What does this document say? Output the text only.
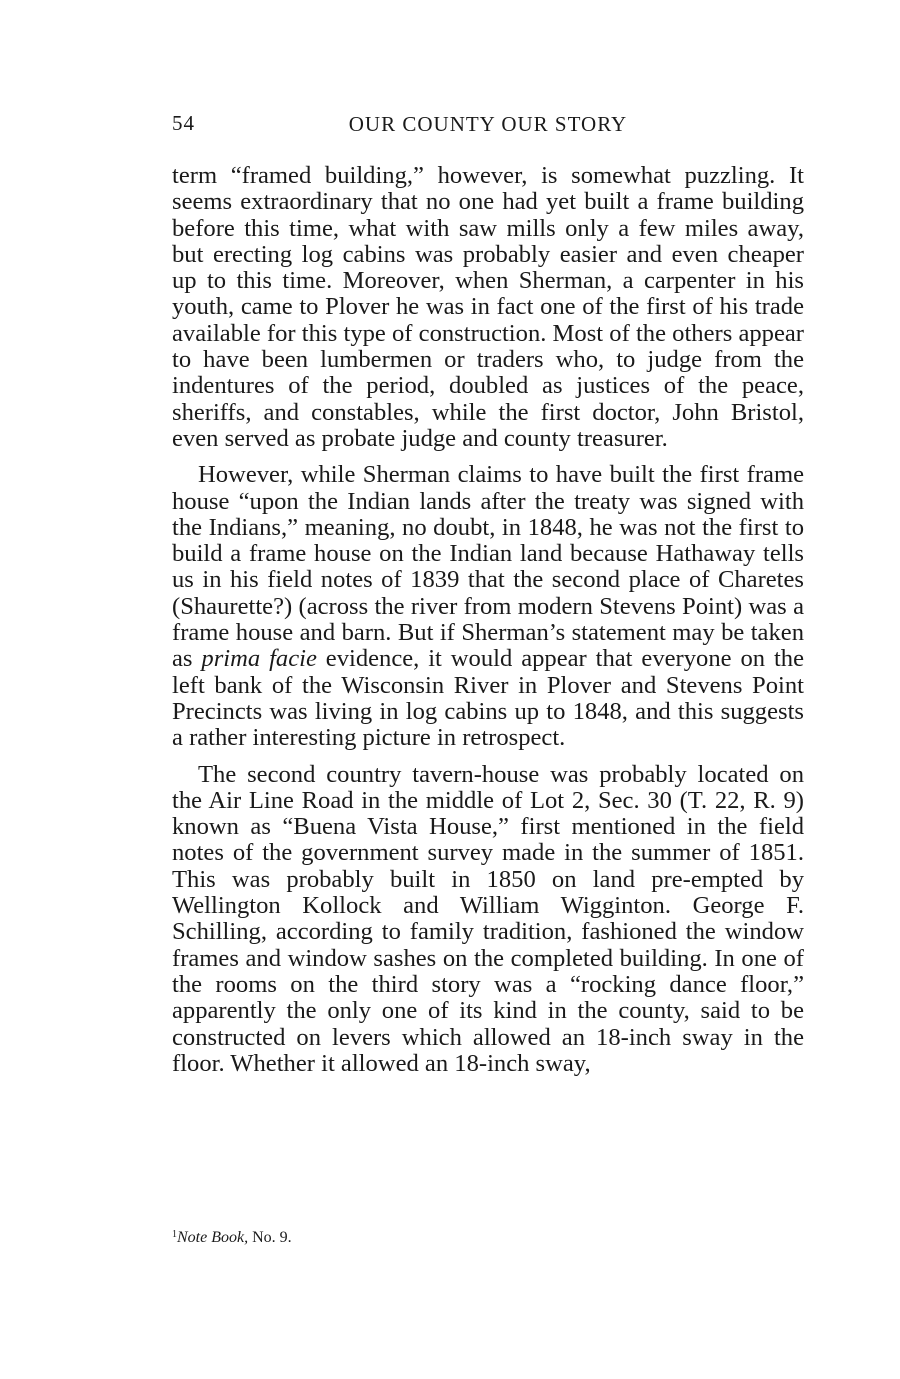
54	OUR COUNTY OUR STORY

term “framed building,” however, is somewhat puzzling. It seems extraordinary that no one had yet built a frame building before this time, what with saw mills only a few miles away, but erecting log cabins was probably easier and even cheaper up to this time. Moreover, when Sherman, a carpenter in his youth, came to Plover he was in fact one of the first of his trade available for this type of construction. Most of the others appear to have been lumbermen or traders who, to judge from the indentures of the period, doubled as justices of the peace, sheriffs, and constables, while the first doctor, John Bristol, even served as probate judge and county treasurer.

However, while Sherman claims to have built the first frame house “upon the Indian lands after the treaty was signed with the Indians,” meaning, no doubt, in 1848, he was not the first to build a frame house on the Indian land because Hathaway tells us in his field notes of 1839 that the second place of Charetes (Shaurette?) (across the river from modern Stevens Point) was a frame house and barn. But if Sherman’s statement may be taken as prima facie evidence, it would appear that everyone on the left bank of the Wisconsin River in Plover and Stevens Point Precincts was living in log cabins up to 1848, and this suggests a rather interesting picture in retrospect.

The second country tavern-house was probably located on the Air Line Road in the middle of Lot 2, Sec. 30 (T. 22, R. 9) known as “Buena Vista House,” first mentioned in the field notes of the government survey made in the summer of 1851. This was probably built in 1850 on land pre-empted by Wellington Kollock and William Wigginton. George F. Schilling, according to family tradition, fashioned the window frames and window sashes on the completed building. In one of the rooms on the third story was a “rocking dance floor,” apparently the only one of its kind in the county, said to be constructed on levers which allowed an 18-inch sway in the floor. Whether it allowed an 18-inch sway,

$^1$Note Book, No. 9.
